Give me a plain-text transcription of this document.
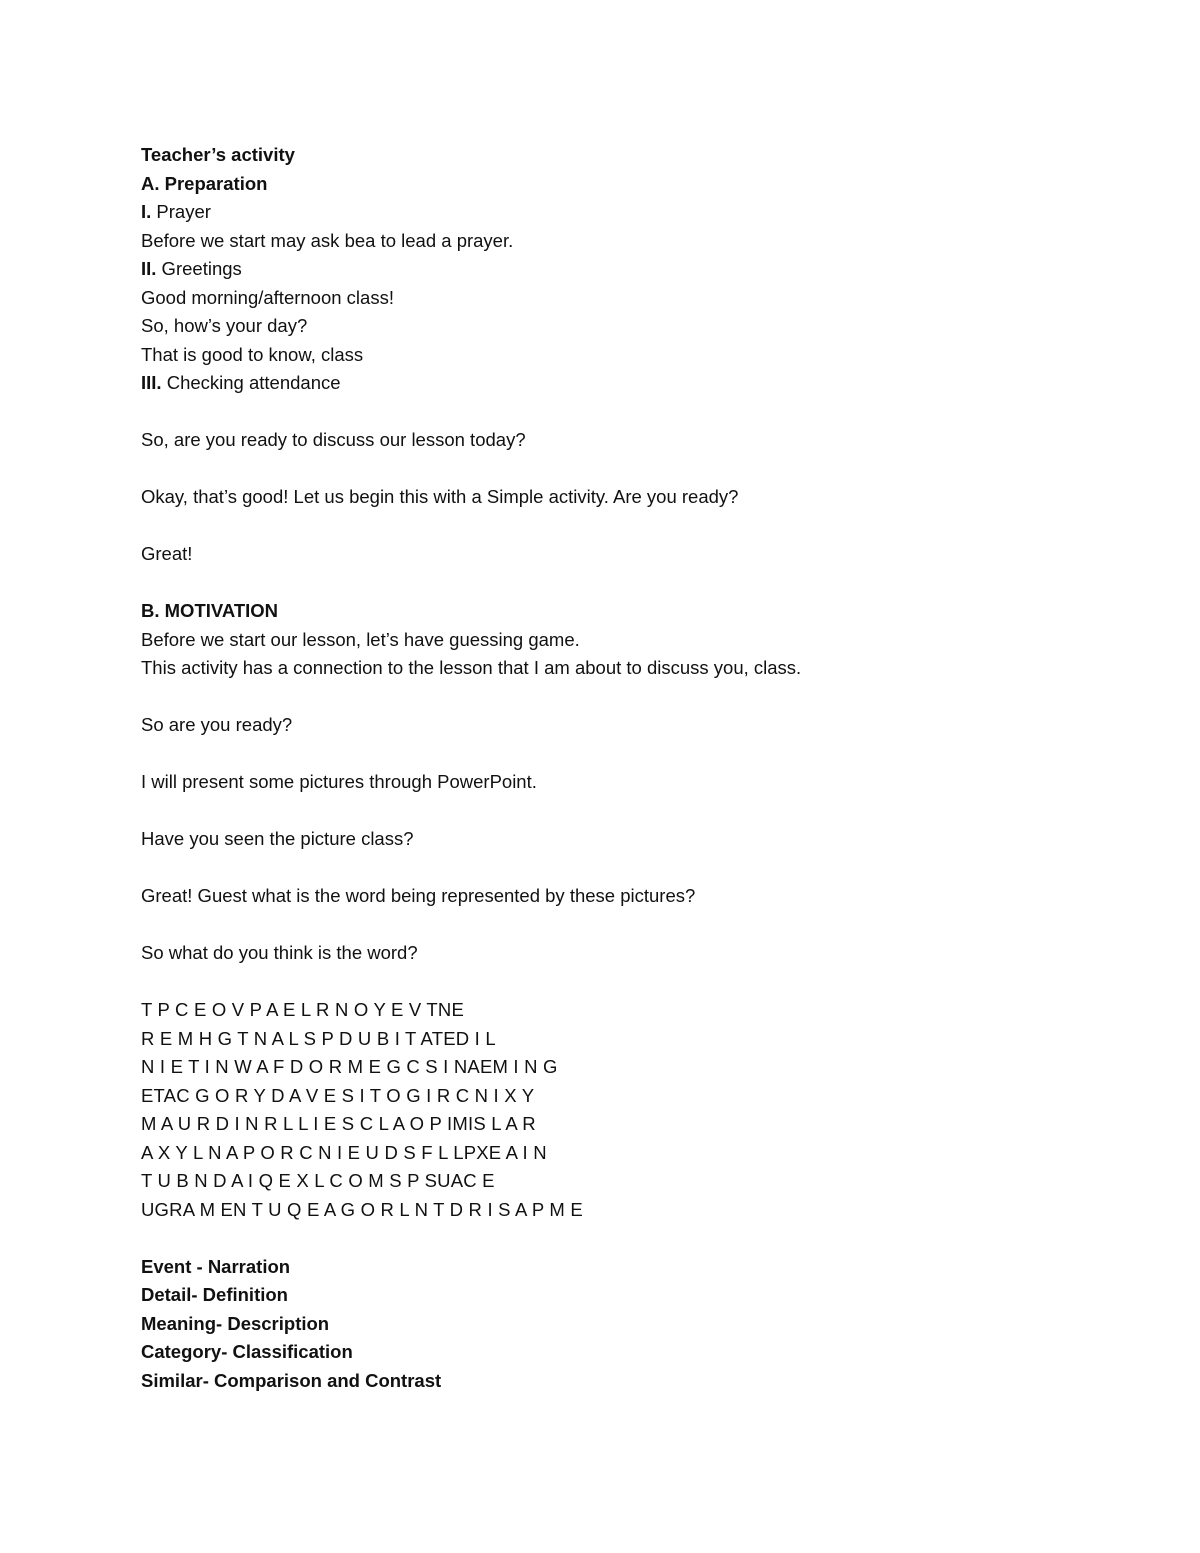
Teacher’s activity
A. Preparation
I. Prayer
Before we start may ask bea to lead a prayer.
II. Greetings
Good morning/afternoon class!
So, how’s your day?
That is good to know, class
III. Checking attendance
So, are you ready to discuss our lesson today?
Okay, that’s good! Let us begin this with a Simple activity. Are you ready?
Great!
B. MOTIVATION
Before we start our lesson, let’s have guessing game.
This activity has a connection to the lesson that I am about to discuss you, class.
So are you ready?
I will present some pictures through PowerPoint.
Have you seen the picture class?
Great! Guest what is the word being represented by these pictures?
So what do you think is the word?
T P C E O V P A E L R N O Y E V TNE
R E M H G T N A L S P D U B I T ATED I L
N I E T I N W A F D O R M E G C S I NAEM I N G
ETAC G O R Y D A V E S I T O G I R C N I X Y
M A U R D I N R L L I E S C L A O P IMIS L A R
A X Y L N A P O R C N I E U D S F L LPXE A I N
T U B N D A I Q E X L C O M S P SUAC E
UGRA M EN T U Q E A G O R L N T D R I S A P M E
Event - Narration
Detail- Definition
Meaning- Description
Category- Classification
Similar- Comparison and Contrast
